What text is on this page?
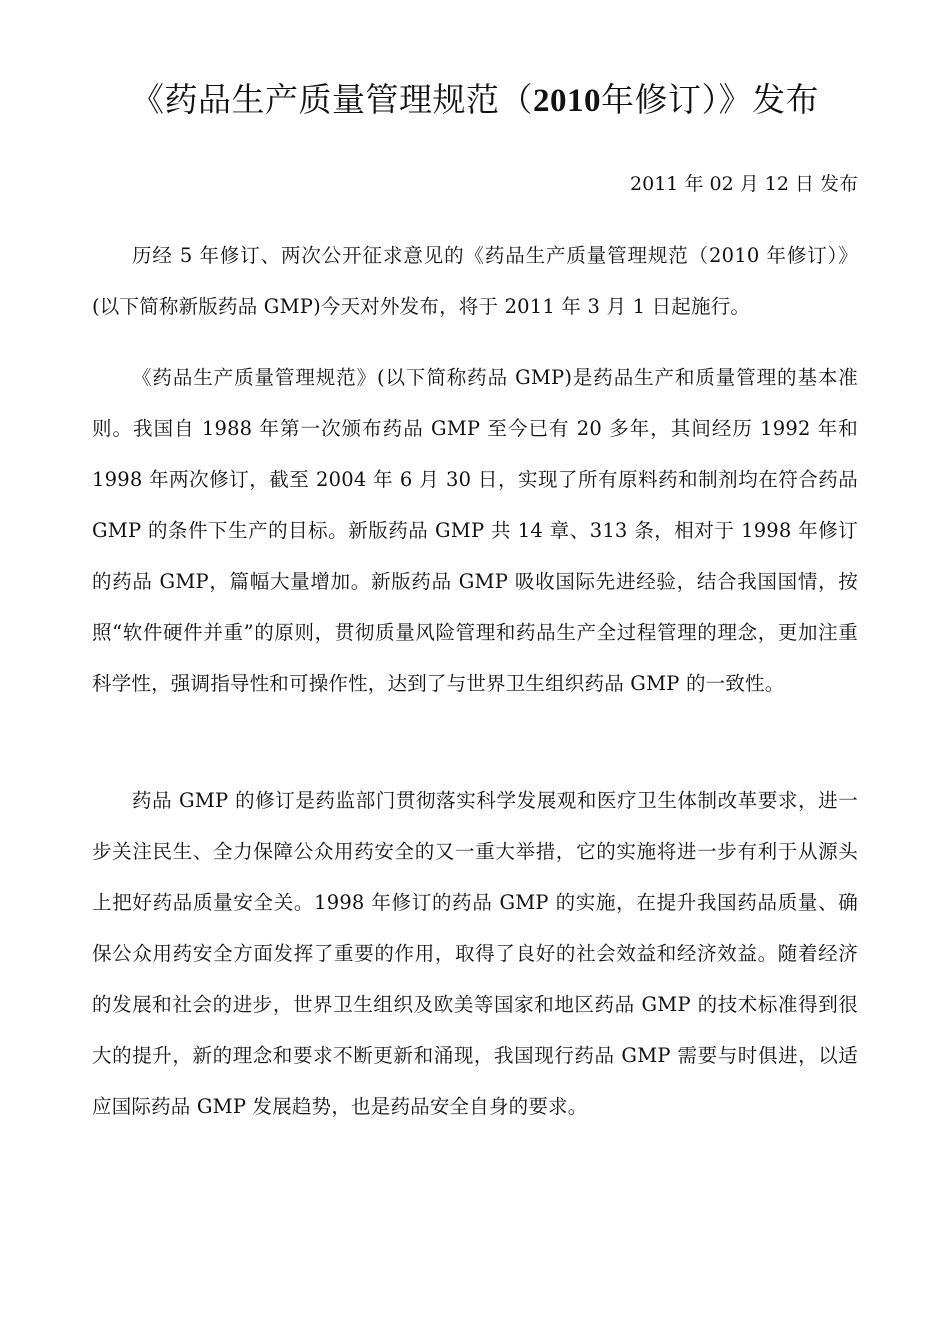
《药品生产质量管理规范（2010年修订）》发布

2011 年 02 月 12 日 发布

历经 5 年修订、两次公开征求意见的《药品生产质量管理规范（2010 年修订）》(以下简称新版药品 GMP)今天对外发布，将于 2011 年 3 月 1 日起施行。

《药品生产质量管理规范》(以下简称药品 GMP)是药品生产和质量管理的基本准则。我国自 1988 年第一次颁布药品 GMP 至今已有 20 多年，其间经历 1992 年和 1998 年两次修订，截至 2004 年 6 月 30 日，实现了所有原料药和制剂均在符合药品 GMP 的条件下生产的目标。新版药品 GMP 共 14 章、313 条，相对于 1998 年修订的药品 GMP，篇幅大量增加。新版药品 GMP 吸收国际先进经验，结合我国国情，按照“软件硬件并重”的原则，贯彻质量风险管理和药品生产全过程管理的理念，更加注重科学性，强调指导性和可操作性，达到了与世界卫生组织药品 GMP 的一致性。

药品 GMP 的修订是药监部门贯彻落实科学发展观和医疗卫生体制改革要求，进一步关注民生、全力保障公众用药安全的又一重大举措，它的实施将进一步有利于从源头上把好药品质量安全关。1998 年修订的药品 GMP 的实施，在提升我国药品质量、确保公众用药安全方面发挥了重要的作用，取得了良好的社会效益和经济效益。随着经济的发展和社会的进步，世界卫生组织及欧美等国家和地区药品 GMP 的技术标准得到很大的提升，新的理念和要求不断更新和涌现，我国现行药品 GMP 需要与时俱进，以适应国际药品 GMP 发展趋势，也是药品安全自身的要求。
